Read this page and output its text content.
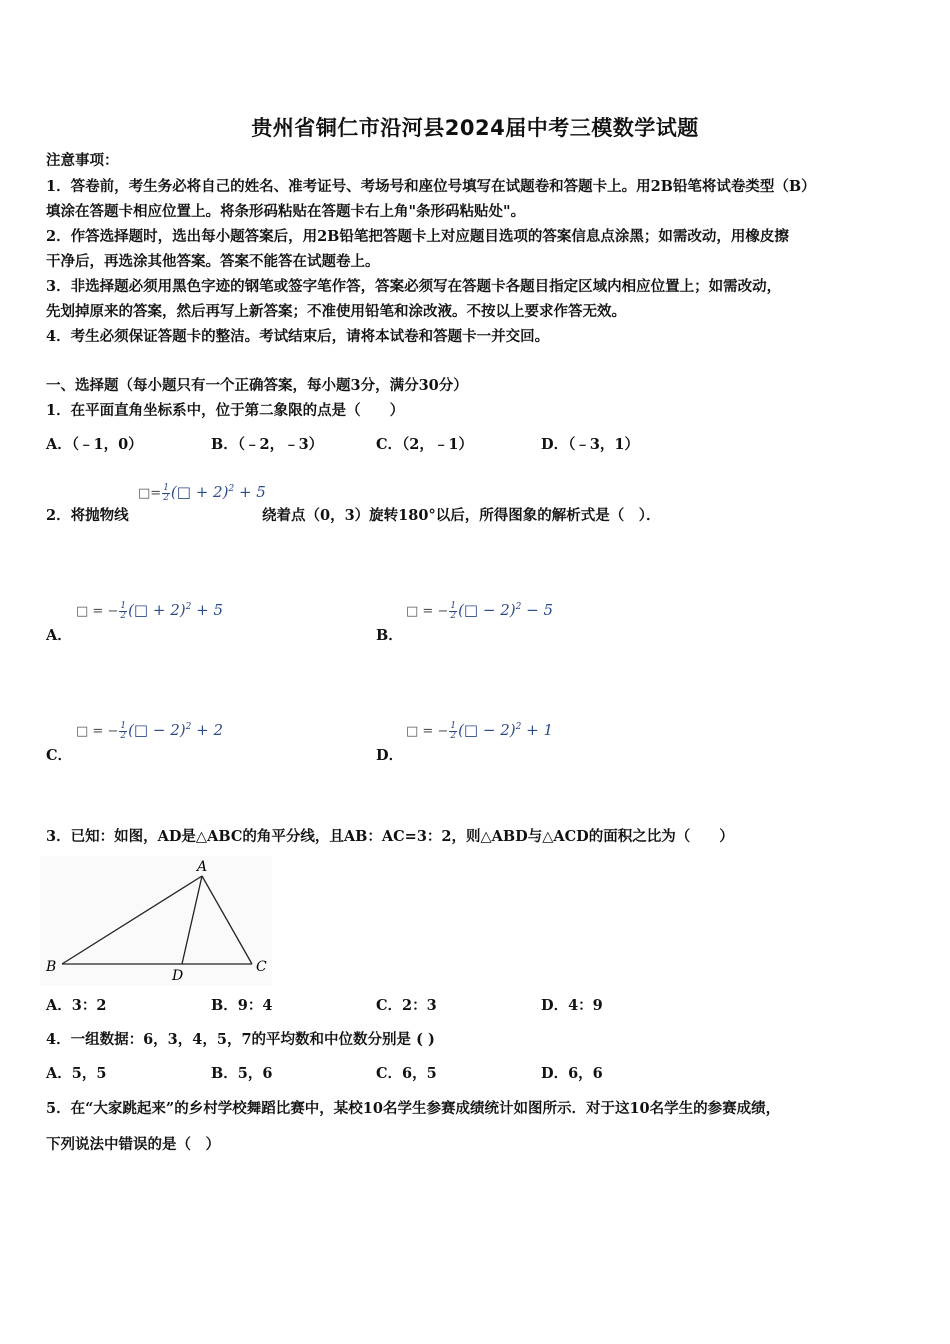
贵州省铜仁市沿河县2024届中考三模数学试题
注意事项：
1．答卷前，考生务必将自己的姓名、准考证号、考场号和座位号填写在试题卷和答题卡上。用2B铅笔将试卷类型（B）
填涂在答题卡相应位置上。将条形码粘贴在答题卡右上角"条形码粘贴处"。
2．作答选择题时，选出每小题答案后，用2B铅笔把答题卡上对应题目选项的答案信息点涂黑；如需改动，用橡皮擦
干净后，再选涂其他答案。答案不能答在试题卷上。
3．非选择题必须用黑色字迹的钢笔或签字笔作答，答案必须写在答题卡各题目指定区域内相应位置上；如需改动，
先划掉原来的答案，然后再写上新答案；不准使用铅笔和涂改液。不按以上要求作答无效。
4．考生必须保证答题卡的整洁。考试结束后，请将本试卷和答题卡一并交回。
一、选择题（每小题只有一个正确答案，每小题3分，满分30分）
1．在平面直角坐标系中，位于第二象限的点是（　　）
A．（﹣1，0）	B．（﹣2，﹣3）	C．（2，﹣1）	D．（﹣3，1）
□= $\frac{1}{2}$ (□ + 2)$^2$ + 5
2．将抛物线	绕着点（0，3）旋转180°以后，所得图象的解析式是（　）．
□ = − $\frac{1}{2}$ (□ + 2)$^2$ + 5
A．
□ = − $\frac{1}{2}$ (□ − 2)$^2$ − 5
B．
□ = − $\frac{1}{2}$ (□ − 2)$^2$ + 2
C．
□ = − $\frac{1}{2}$ (□ − 2)$^2$ + 1
D．
3．已知：如图，AD是△ABC的角平分线，且AB：AC=3：2，则△ABD与△ACD的面积之比为（　　）
A
B	C
D
A．3：2	B．9：4	C．2：3	D．4：9
4．一组数据：6，3，4，5，7的平均数和中位数分别是 ( )
A．5，5	B．5，6	C．6，5	D．6，6
5．在“大家跳起来”的乡村学校舞蹈比赛中，某校10名学生参赛成绩统计如图所示．对于这10名学生的参赛成绩，
下列说法中错误的是（　）
